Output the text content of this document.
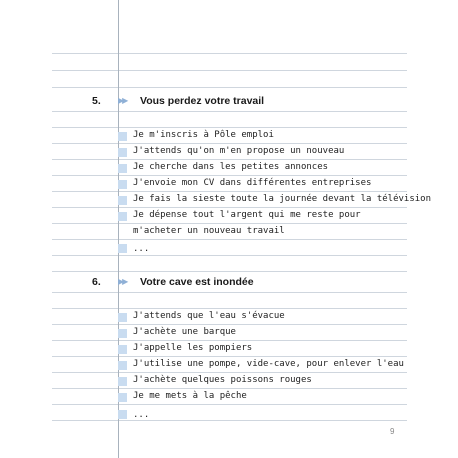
5.	▶▶	Vous perdez votre travail
Je m'inscris à Pôle emploi
J'attends qu'on m'en propose un nouveau
Je cherche dans les petites annonces
J'envoie mon CV dans différentes entreprises
Je fais la sieste toute la journée devant la télévision
Je dépense tout l'argent qui me reste pour
m'acheter un nouveau travail
...
6.	▶▶	Votre cave est inondée
J'attends que l'eau s'évacue
J'achète une barque
J'appelle les pompiers
J'utilise une pompe, vide-cave, pour enlever l'eau
J'achète quelques poissons rouges
Je me mets à la pêche
...
9
